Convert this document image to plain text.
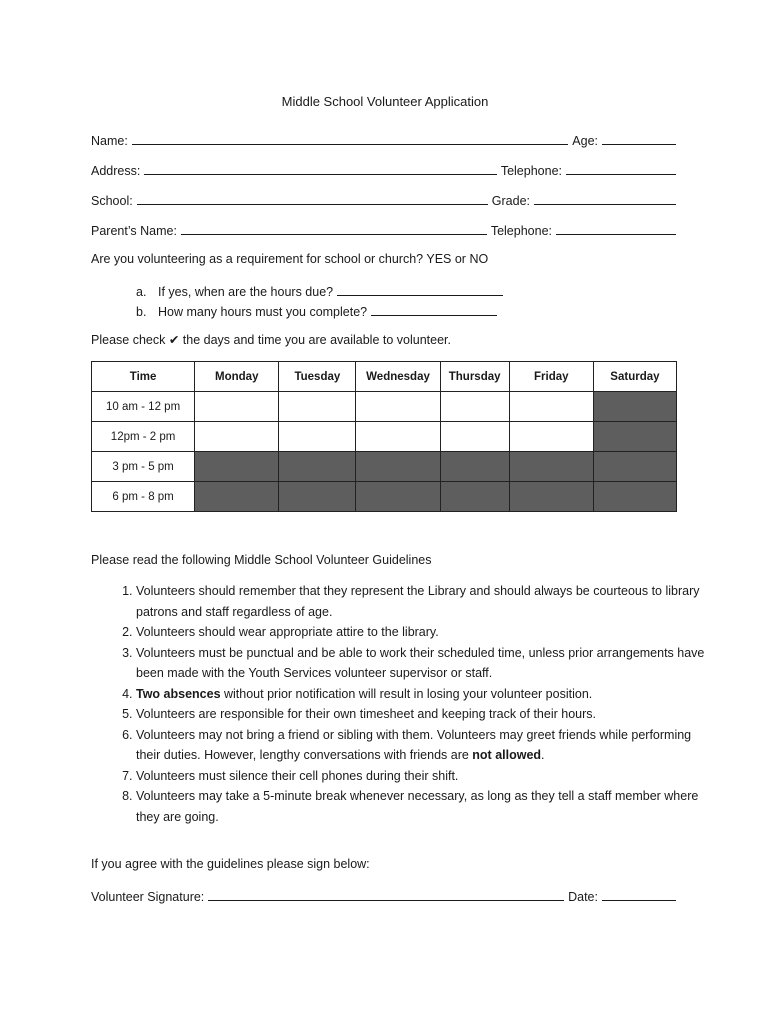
Middle School Volunteer Application
Name:	Age:
Address:	Telephone:
School:	Grade:
Parent’s Name:	Telephone:
Are you volunteering as a requirement for school or church? YES or NO
a. If yes, when are the hours due?
b. How many hours must you complete?
Please check ✔ the days and time you are available to volunteer.
Time	Monday	Tuesday	Wednesday	Thursday	Friday	Saturday
10 am - 12 pm						
12pm - 2 pm						
3 pm - 5 pm						
6 pm - 8 pm						
Please read the following Middle School Volunteer Guidelines
1. Volunteers should remember that they represent the Library and should always be courteous to library patrons and staff regardless of age.
2. Volunteers should wear appropriate attire to the library.
3. Volunteers must be punctual and be able to work their scheduled time, unless prior arrangements have been made with the Youth Services volunteer supervisor or staff.
4. Two absences without prior notification will result in losing your volunteer position.
5. Volunteers are responsible for their own timesheet and keeping track of their hours.
6. Volunteers may not bring a friend or sibling with them. Volunteers may greet friends while performing their duties. However, lengthy conversations with friends are not allowed.
7. Volunteers must silence their cell phones during their shift.
8. Volunteers may take a 5-minute break whenever necessary, as long as they tell a staff member where they are going.
If you agree with the guidelines please sign below:
Volunteer Signature:	Date:
